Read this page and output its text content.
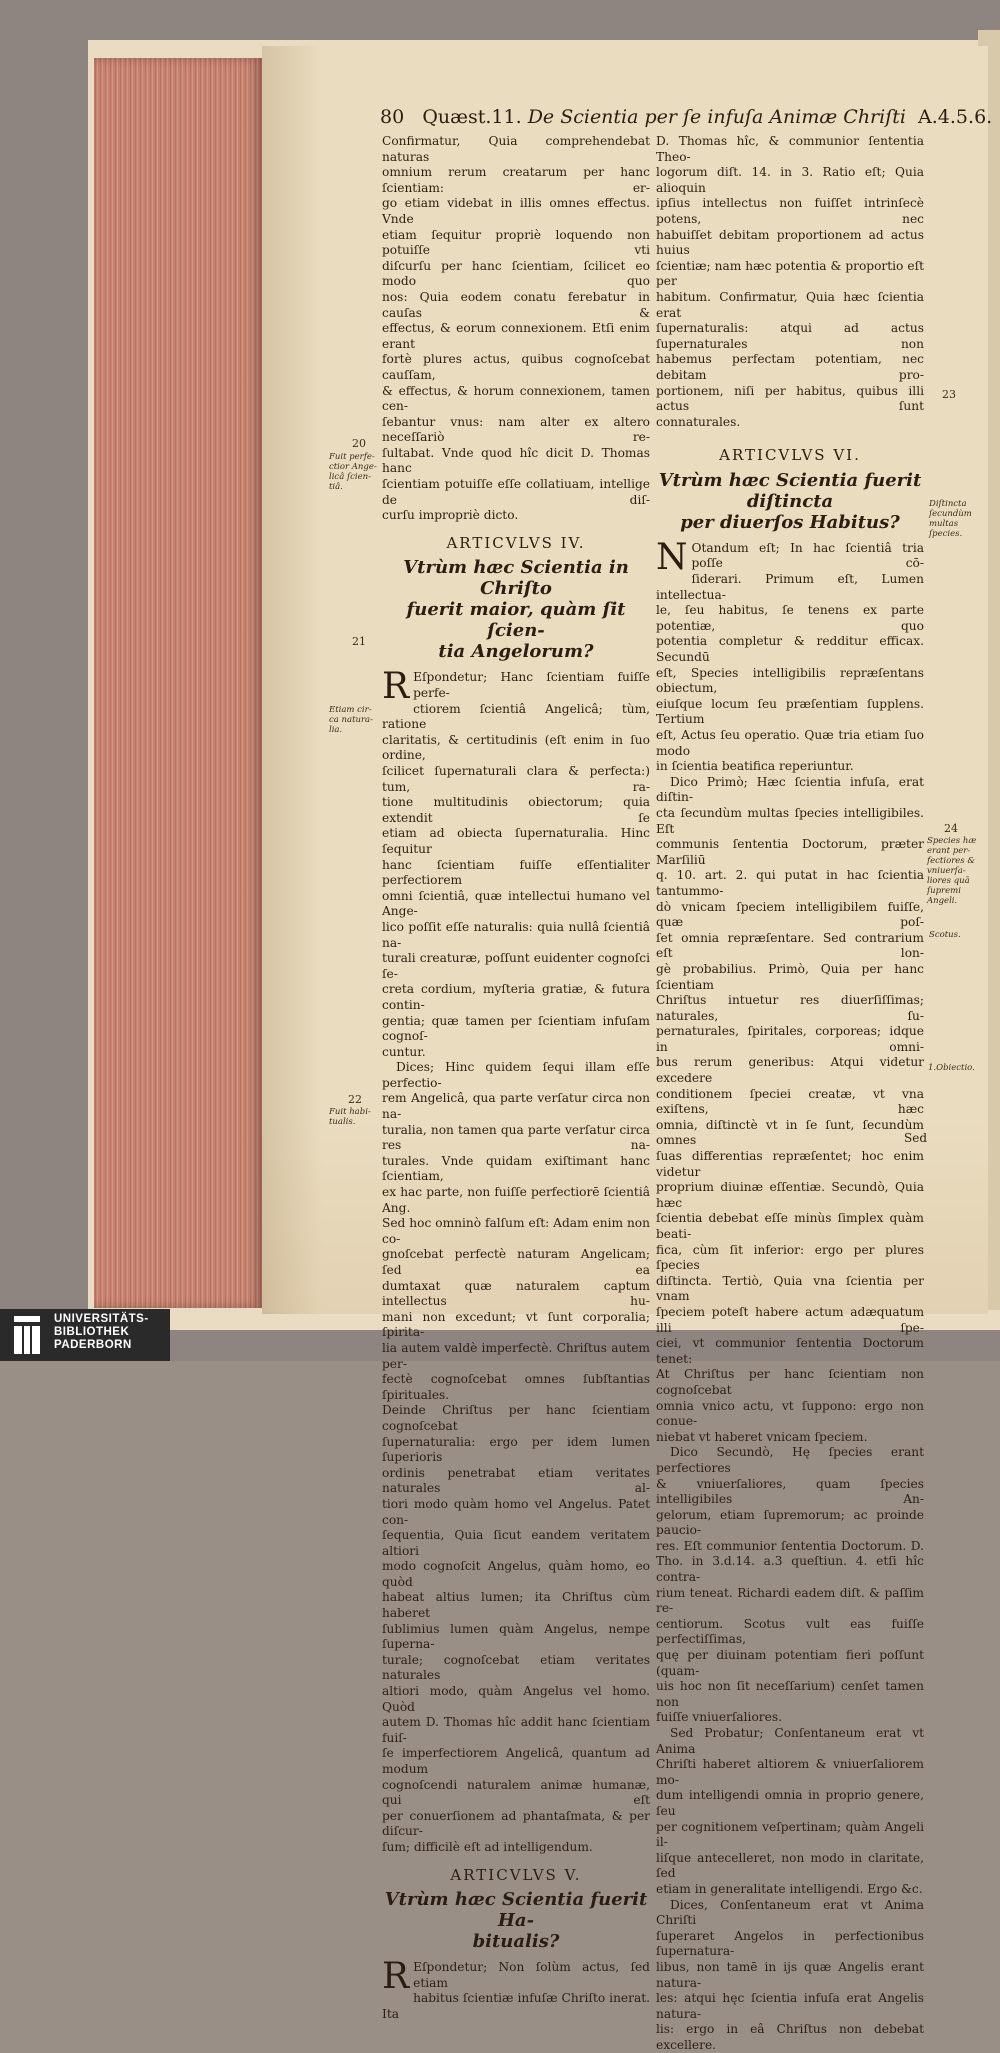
80 Quæst.11. De Scientia per ſe infuſa Animæ Chriſti A.4.5.6.

Confirmatur, Quia comprehendebat naturas

omnium rerum creatarum per hanc ſcientiam: er-

go etiam videbat in illis omnes effectus. Vnde

etiam ſequitur propriè loquendo non potuiſſe vti

diſcurſu per hanc ſcientiam, ſcilicet eo modo quo

nos: Quia eodem conatu ferebatur in cauſas &

effectus, & eorum connexionem. Etſi enim erant

fortè plures actus, quibus cognoſcebat cauſſam,

& effectus, & horum connexionem, tamen cen-

ſebantur vnus: nam alter ex altero neceſſariò re-

ſultabat. Vnde quod hîc dicit D. Thomas hanc

ſcientiam potuiſſe eſſe collatiuam, intellige de diſ-

curſu impropriè dicto.

ARTICVLVS IV.
Vtrùm hæc Scientia in Chriſto
fuerit maior, quàm ſit ſcien-
tia Angelorum?
R Eſpondetur; Hanc ſcientiam fuiſſe perfe-

ctiorem ſcientiâ Angelicâ; tùm, ratione

claritatis, & certitudinis (eſt enim in ſuo ordine,

ſcilicet ſupernaturali clara & perfecta:) tum, ra-

tione multitudinis obiectorum; quia extendit ſe

etiam ad obiecta ſupernaturalia. Hinc ſequitur

hanc ſcientiam fuiſſe eſſentialiter perfectiorem

omni ſcientiâ, quæ intellectui humano vel Ange-

lico poſſit eſſe naturalis: quia nullâ ſcientiâ na-

turali creaturæ, poſſunt euidenter cognoſci ſe-

creta cordium, myſteria gratiæ, & futura contin-

gentia; quæ tamen per ſcientiam infuſam cognoſ-

cuntur.

Dices; Hinc quidem ſequi illam eſſe perfectio-

rem Angelicâ, qua parte verſatur circa non na-

turalia, non tamen qua parte verſatur circa res na-

turales. Vnde quidam exiſtimant hanc ſcientiam,

ex hac parte, non fuiſſe perfectiorē ſcientiâ Ang.

Sed hoc omninò falſum eſt: Adam enim non co-

gnoſcebat perfectè naturam Angelicam; ſed ea

dumtaxat quæ naturalem captum intellectus hu-

mani non excedunt; vt ſunt corporalia; ſpirita-

lia autem valdè imperfectè. Chriſtus autem per-

fectè cognoſcebat omnes ſubſtantias ſpirituales.

Deinde Chriſtus per hanc ſcientiam cognoſcebat

ſupernaturalia: ergo per idem lumen ſuperioris

ordinis penetrabat etiam veritates naturales al-

tiori modo quàm homo vel Angelus. Patet con-

ſequentia, Quia ſicut eandem veritatem altiori

modo cognoſcit Angelus, quàm homo, eo quòd

habeat altius lumen; ita Chriſtus cùm haberet

ſublimius lumen quàm Angelus, nempe ſuperna-

turale; cognoſcebat etiam veritates naturales

altiori modo, quàm Angelus vel homo. Quòd

autem D. Thomas hîc addit hanc ſcientiam fuiſ-

ſe imperfectiorem Angelicâ, quantum ad modum

cognoſcendi naturalem animæ humanæ, qui eſt

per conuerſionem ad phantaſmata, & per diſcur-

ſum; difficilè eſt ad intelligendum.

ARTICVLVS V.
Vtrùm hæc Scientia fuerit Ha-
bitualis?
R Eſpondetur; Non ſolùm actus, ſed etiam

habitus ſcientiæ infuſæ Chriſto inerat. Ita

D. Thomas hîc, & communior ſententia Theo-

logorum diſt. 14. in 3. Ratio eſt; Quia alioquin

ipſius intellectus non fuiſſet intrinſecè potens, nec

habuiſſet debitam proportionem ad actus huius

ſcientiæ; nam hæc potentia & proportio eſt per

habitum. Confirmatur, Quia hæc ſcientia erat

ſupernaturalis: atqui ad actus ſupernaturales non

habemus perfectam potentiam, nec debitam pro-

portionem, niſi per habitus, quibus illi actus ſunt

connaturales.

ARTICVLVS VI.
Vtrùm hæc Scientia fuerit diſtincta
per diuerſos Habitus?
N Otandum eſt; In hac ſcientiâ tria poſſe cō-

ſiderari. Primum eſt, Lumen intellectua-

le, ſeu habitus, ſe tenens ex parte potentiæ, quo

potentia completur & redditur efficax. Secundū

eſt, Species intelligibilis repræſentans obiectum,

eiuſque locum ſeu præſentiam ſupplens. Tertium

eſt, Actus ſeu operatio. Quæ tria etiam ſuo modo

in ſcientia beatifica reperiuntur.

Dico Primò; Hæc ſcientia infuſa, erat diſtin-

cta ſecundùm multas ſpecies intelligibiles. Eſt

communis ſententia Doctorum, præter Marſiliū

q. 10. art. 2. qui putat in hac ſcientia tantummo-

dò vnicam ſpeciem intelligibilem fuiſſe, quæ poſ-

ſet omnia repræſentare. Sed contrarium eſt lon-

gè probabilius. Primò, Quia per hanc ſcientiam

Chriſtus intuetur res diuerſiſſimas; naturales, ſu-

pernaturales, ſpiritales, corporeas; idque in omni-

bus rerum generibus: Atqui videtur excedere

conditionem ſpeciei creatæ, vt vna exiſtens, hæc

omnia, diſtinctè vt in ſe ſunt, ſecundùm omnes

ſuas differentias repræſentet; hoc enim videtur

proprium diuinæ eſſentiæ. Secundò, Quia hæc

ſcientia debebat eſſe minùs ſimplex quàm beati-

fica, cùm ſit inferior: ergo per plures ſpecies

diſtincta. Tertiò, Quia vna ſcientia per vnam

ſpeciem poteſt habere actum adæquatum illi ſpe-

ciei, vt communior ſententia Doctorum tenet:

At Chriſtus per hanc ſcientiam non cognoſcebat

omnia vnico actu, vt ſuppono: ergo non conue-

niebat vt haberet vnicam ſpeciem.

Dico Secundò, Hę ſpecies erant perfectiores

& vniuerſaliores, quam ſpecies intelligibiles An-

gelorum, etiam ſupremorum; ac proinde paucio-

res. Eſt communior ſententia Doctorum. D.

Tho. in 3.d.14. a.3 queſtiun. 4. etſi hîc contra-

rium teneat. Richardi eadem diſt. & paſſim re-

centiorum. Scotus vult eas fuiſſe perfectiſſimas,

quę per diuinam potentiam fieri poſſunt (quam-

uis hoc non ſit neceſſarium) cenſet tamen non

fuiſſe vniuerſaliores.

Sed Probatur; Conſentaneum erat vt Anima

Chriſti haberet altiorem & vniuerſaliorem mo-

dum intelligendi omnia in proprio genere, ſeu

per cognitionem veſpertinam; quàm Angeli il-

liſque antecelleret, non modo in claritate, ſed

etiam in generalitate intelligendi. Ergo &c.

Dices, Conſentaneum erat vt Anima Chriſti

ſuperaret Angelos in perfectionibus ſupernatura-

libus, non tamē in ijs quæ Angelis erant natura-

les: atqui hęc ſcientia infuſa erat Angelis natura-

lis: ergo in eâ Chriſtus non debebat excellere.

Sed
20
Fuit perfe-
ctior Ange-
licâ ſcien-
tiâ.
21
Etiam cir-
ca natura-
lia.
22
Fuit habi-
tualis.
23
Diſtincta
ſecundùm
multas
ſpecies.
24
Species hæ
erant per-
fectiores &
vniuerſa-
liores quā
ſupremi
Angeli.
Scotus.
1.Obiectio.
UNIVERSITÄTS-
BIBLIOTHEK
PADERBORN
